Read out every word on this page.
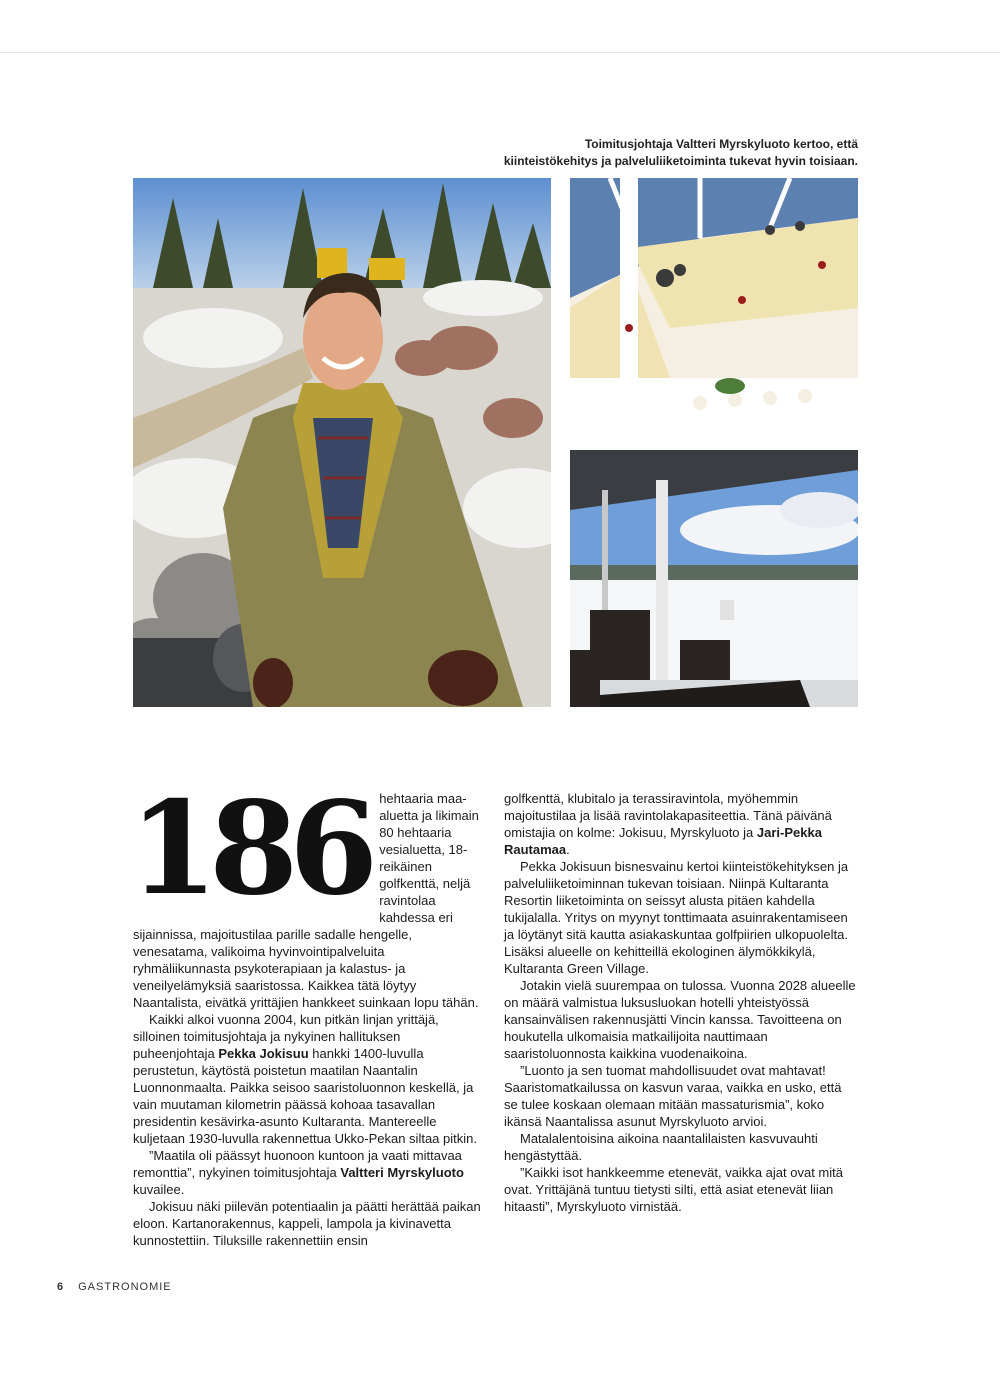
Toimitusjohtaja Valtteri Myrskyluoto kertoo, että
kiinteistökehitys ja palveluliiketoiminta tukevat hyvin toisiaan.

186 hehtaaria maa-aluetta ja likimain 80 hehtaaria vesialuetta, 18-reikäinen golfkenttä, neljä ravintolaa kahdessa eri sijainnissa, majoitustilaa parille sadalle hengelle, venesatama, valikoima hyvinvointipalveluita ryhmäliikunnasta psykoterapiaan ja kalastus- ja veneilyelämyksiä saaristossa. Kaikkea tätä löytyy Naantalista, eivätkä yrittäjien hankkeet suinkaan lopu tähän.

Kaikki alkoi vuonna 2004, kun pitkän linjan yrittäjä, silloinen toimitusjohtaja ja nykyinen hallituksen puheenjohtaja Pekka Jokisuu hankki 1400-luvulla perustetun, käytöstä poistetun maatilan Naantalin Luonnonmaalta. Paikka seisoo saaristoluonnon keskellä, ja vain muutaman kilometrin päässä kohoaa tasavallan presidentin kesävirka-asunto Kultaranta. Mantereelle kuljetaan 1930-luvulla rakennettua Ukko-Pekan siltaa pitkin.

”Maatila oli päässyt huonoon kuntoon ja vaati mittavaa remonttia”, nykyinen toimitusjohtaja Valtteri Myrskyluoto kuvailee.

Jokisuu näki piilevän potentiaalin ja päätti herättää paikan eloon. Kartanorakennus, kappeli, lampola ja kivinavetta kunnostettiin. Tiluksille rakennettiin ensin

golfkenttä, klubitalo ja terassiravintola, myöhemmin majoitustilaa ja lisää ravintolakapasiteettia. Tänä päivänä omistajia on kolme: Jokisuu, Myrskyluoto ja Jari-Pekka Rautamaa.

Pekka Jokisuun bisnesvainu kertoi kiinteistökehityksen ja palveluliiketoiminnan tukevan toisiaan. Niinpä Kultaranta Resortin liiketoiminta on seissyt alusta pitäen kahdella tukijalalla. Yritys on myynyt tonttimaata asuinrakentamiseen ja löytänyt sitä kautta asiakaskuntaa golfpiirien ulkopuolelta. Lisäksi alueelle on kehitteillä ekologinen älymökkikylä, Kultaranta Green Village.

Jotakin vielä suurempaa on tulossa. Vuonna 2028 alueelle on määrä valmistua luksusluokan hotelli yhteistyössä kansainvälisen rakennusjätti Vincin kanssa. Tavoitteena on houkutella ulkomaisia matkailijoita nauttimaan saaristoluonnosta kaikkina vuodenaikoina.

”Luonto ja sen tuomat mahdollisuudet ovat mahtavat! Saaristomatkailussa on kasvun varaa, vaikka en usko, että se tulee koskaan olemaan mitään massaturismia”, koko ikänsä Naantalissa asunut Myrskyluoto arvioi.

Matalalentoisina aikoina naantalilaisten kasvuvauhti hengästyttää.

”Kaikki isot hankkeemme etenevät, vaikka ajat ovat mitä ovat. Yrittäjänä tuntuu tietysti silti, että asiat etenevät liian hitaasti”, Myrskyluoto virnistää.

6 GASTRONOMIE
